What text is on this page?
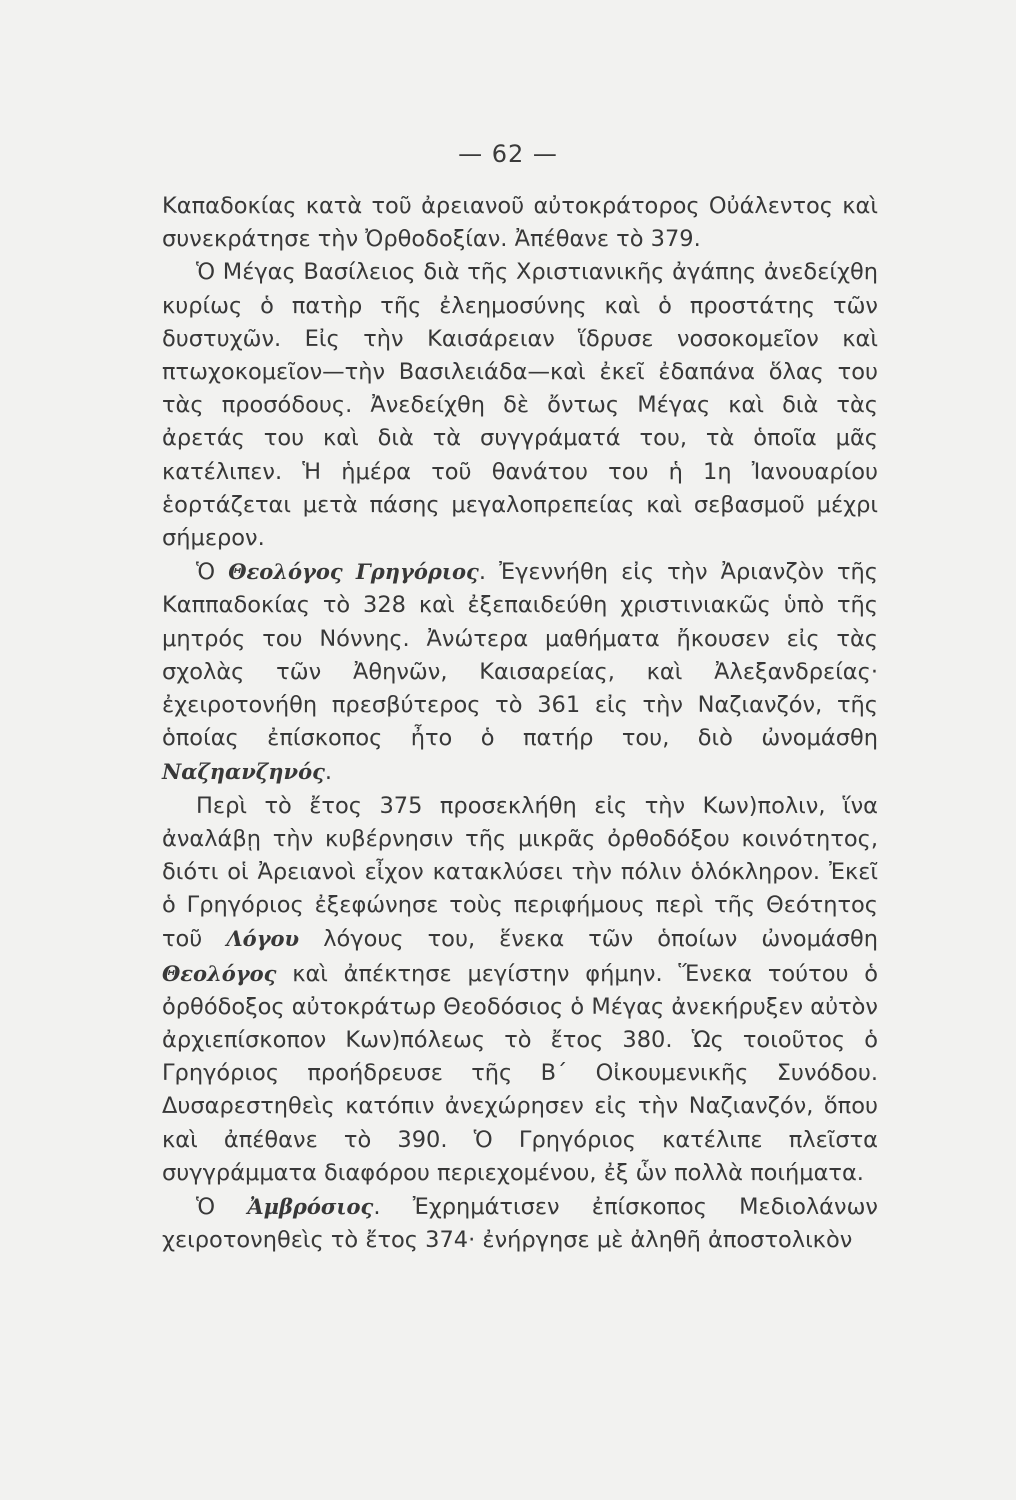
— 62 —

Καπαδοκίας κατὰ τοῦ ἀρειανοῦ αὐτοκράτορος Οὐάλεντος καὶ συνεκράτησε τὴν Ὀρθοδοξίαν. Ἀπέθανε τὸ 379.

Ὁ Μέγας Βασίλειος διὰ τῆς Χριστιανικῆς ἀγάπης ἀνεδείχθη κυρίως ὁ πατὴρ τῆς ἐλεημοσύνης καὶ ὁ προστάτης τῶν δυστυχῶν. Εἰς τὴν Καισάρειαν ἵδρυσε νοσοκομεῖον καὶ πτωχοκομεῖον—τὴν Βασιλειάδα—καὶ ἐκεῖ ἐδαπάνα ὅλας του τὰς προσόδους. Ἀνεδείχθη δὲ ὄντως Μέγας καὶ διὰ τὰς ἀρετάς του καὶ διὰ τὰ συγγράματά του, τὰ ὁποῖα μᾶς κατέλιπεν. Ἡ ἡμέρα τοῦ θανάτου του ἡ 1η Ἰανουαρίου ἑορτάζεται μετὰ πάσης μεγαλοπρεπείας καὶ σεβασμοῦ μέχρι σήμερον.

Ὁ Θεολόγος Γρηγόριος. Ἐγεννήθη εἰς τὴν Ἀριανζὸν τῆς Καππαδοκίας τὸ 328 καὶ ἐξεπαιδεύθη χριστινιακῶς ὑπὸ τῆς μητρός του Νόννης. Ἀνώτερα μαθήματα ἤκουσεν εἰς τὰς σχολὰς τῶν Ἀθηνῶν, Καισαρείας, καὶ Ἀλεξανδρείας· ἐχειροτονήθη πρεσβύτερος τὸ 361 εἰς τὴν Ναζιανζόν, τῆς ὁποίας ἐπίσκοπος ἦτο ὁ πατήρ του, διὸ ὠνομάσθη Ναζηανζηνός.

Περὶ τὸ ἔτος 375 προσεκλήθη εἰς τὴν Κων)πολιν, ἵνα ἀναλάβῃ τὴν κυβέρνησιν τῆς μικρᾶς ὀρθοδόξου κοινότητος, διότι οἱ Ἀρειανοὶ εἶχον κατακλύσει τὴν πόλιν ὁλόκληρον. Ἐκεῖ ὁ Γρηγόριος ἐξεφώνησε τοὺς περιφήμους περὶ τῆς Θεότητος τοῦ Λόγου λόγους του, ἕνεκα τῶν ὁποίων ὠνομάσθη Θεολόγος καὶ ἀπέκτησε μεγίστην φήμην. Ἕνεκα τούτου ὁ ὀρθόδοξος αὐτοκράτωρ Θεοδόσιος ὁ Μέγας ἀνεκήρυξεν αὐτὸν ἀρχιεπίσκοπον Κων)πόλεως τὸ ἔτος 380. Ὡς τοιοῦτος ὁ Γρηγόριος προήδρευσε τῆς Β΄ Οἰκουμενικῆς Συνόδου. Δυσαρεστηθεὶς κατόπιν ἀνεχώρησεν εἰς τὴν Ναζιανζόν, ὅπου καὶ ἀπέθανε τὸ 390. Ὁ Γρηγόριος κατέλιπε πλεῖστα συγγράμματα διαφόρου περιεχομένου, ἐξ ὧν πολλὰ ποιήματα.

Ὁ Ἀμβρόσιος. Ἐχρημάτισεν ἐπίσκοπος Μεδιολάνων χειροτονηθεὶς τὸ ἔτος 374· ἐνήργησε μὲ ἀληθῆ ἀποστολικὸν
